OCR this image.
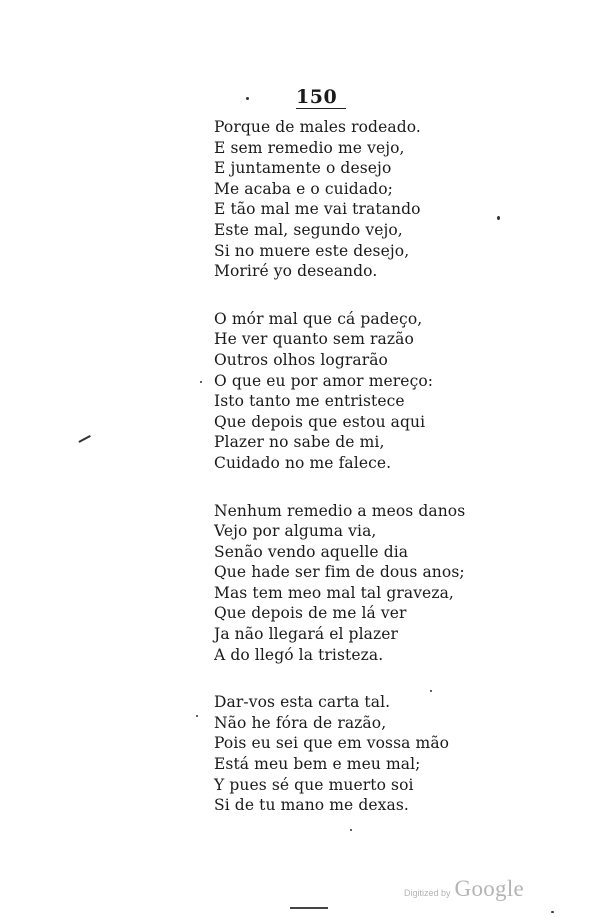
150
Porque de males rodeado.
E sem remedio me vejo,
E juntamente o desejo
Me acaba e o cuidado;
E tão mal me vai tratando
Este mal, segundo vejo,
Si no muere este desejo,
Moriré yo deseando.
O mór mal que cá padeço,
He ver quanto sem razão
Outros olhos lograrão
O que eu por amor mereço:
Isto tanto me entristece
Que depois que estou aqui
Plazer no sabe de mi,
Cuidado no me falece.
Nenhum remedio a meos danos
Vejo por alguma via,
Senão vendo aquelle dia
Que hade ser fim de dous anos;
Mas tem meo mal tal graveza,
Que depois de me lá ver
Ja não llegará el plazer
A do llegó la tristeza.
Dar-vos esta carta tal.
Não he fóra de razão,
Pois eu sei que em vossa mão
Está meu bem e meu mal;
Y pues sé que muerto soi
Si de tu mano me dexas.
Digitized by Google
